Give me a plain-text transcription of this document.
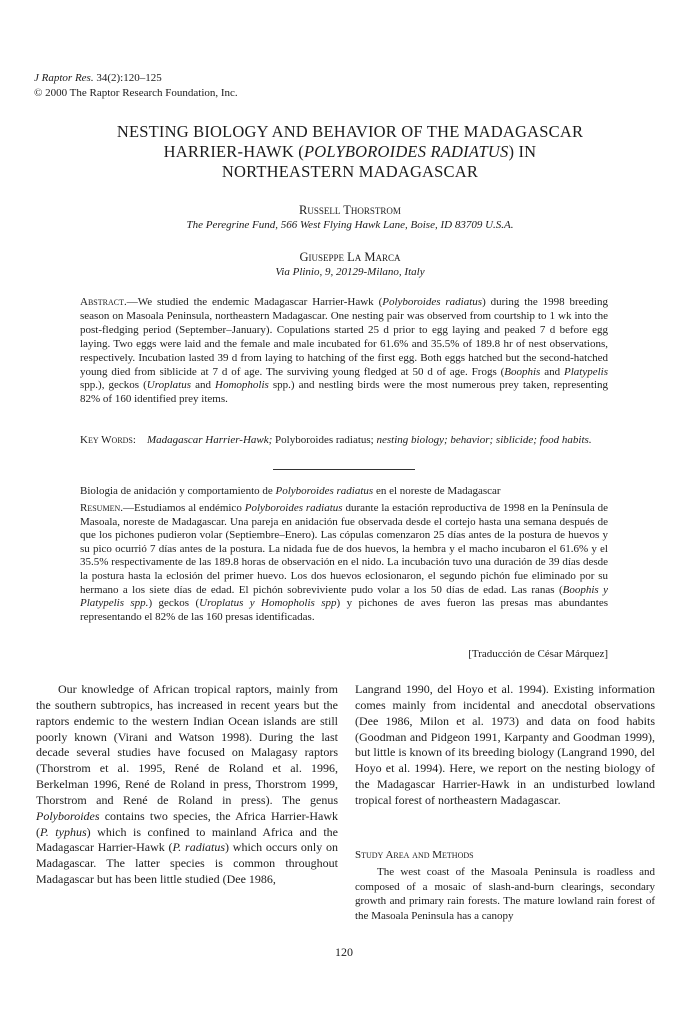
J Raptor Res. 34(2):120–125
© 2000 The Raptor Research Foundation, Inc.
NESTING BIOLOGY AND BEHAVIOR OF THE MADAGASCAR
HARRIER-HAWK (POLYBOROIDES RADIATUS) IN
NORTHEASTERN MADAGASCAR
Russell Thorstrom
The Peregrine Fund, 566 West Flying Hawk Lane, Boise, ID 83709 U.S.A.
Giuseppe La Marca
Via Plinio, 9, 20129-Milano, Italy
Abstract.—We studied the endemic Madagascar Harrier-Hawk (Polyboroides radiatus) during the 1998 breeding season on Masoala Peninsula, northeastern Madagascar. One nesting pair was observed from courtship to 1 wk into the post-fledging period (September–January). Copulations started 25 d prior to egg laying and peaked 7 d before egg laying. Two eggs were laid and the female and male incubated for 61.6% and 35.5% of 189.8 hr of nest observations, respectively. Incubation lasted 39 d from laying to hatching of the first egg. Both eggs hatched but the second-hatched young died from siblicide at 7 d of age. The surviving young fledged at 50 d of age. Frogs (Boophis and Platypelis spp.), geckos (Uroplatus and Homopholis spp.) and nestling birds were the most numerous prey taken, representing 82% of 160 identified prey items.
Key Words: Madagascar Harrier-Hawk; Polyboroides radiatus; nesting biology; behavior; siblicide; food habits.
Biologia de anidación y comportamiento de Polyboroides radiatus en el noreste de Madagascar
Resumen.—Estudiamos al endémico Polyboroides radiatus durante la estación reproductiva de 1998 en la Península de Masoala, noreste de Madagascar. Una pareja en anidación fue observada desde el cortejo hasta una semana después de que los pichones pudieron volar (Septiembre–Enero). Las cópulas comenzaron 25 días antes de la postura de huevos y su pico ocurrió 7 días antes de la postura. La nidada fue de dos huevos, la hembra y el macho incubaron el 61.6% y el 35.5% respectivamente de las 189.8 horas de observación en el nido. La incubación tuvo una duración de 39 días desde la postura hasta la eclosión del primer huevo. Los dos huevos eclosionaron, el segundo pichón fue eliminado por su hermano a los siete días de edad. El pichón sobreviviente pudo volar a los 50 días de edad. Las ranas (Boophis y Platypelis spp.) geckos (Uroplatus y Homopholis spp) y pichones de aves fueron las presas mas abundantes representando el 82% de las 160 presas identificadas.
[Traducción de César Márquez]

Our knowledge of African tropical raptors, mainly from the southern subtropics, has increased in recent years but the raptors endemic to the western Indian Ocean islands are still poorly known (Virani and Watson 1998). During the last decade several studies have focused on Malagasy raptors (Thorstrom et al. 1995, René de Roland et al. 1996, Berkelman 1996, René de Roland in press, Thorstrom 1999, Thorstrom and René de Roland in press). The genus Polyboroides contains two species, the Africa Harrier-Hawk (P. typhus) which is confined to mainland Africa and the Madagascar Harrier-Hawk (P. radiatus) which occurs only on Madagascar. The latter species is common throughout Madagascar but has been little studied (Dee 1986,

Langrand 1990, del Hoyo et al. 1994). Existing information comes mainly from incidental and anecdotal observations (Dee 1986, Milon et al. 1973) and data on food habits (Goodman and Pidgeon 1991, Karpanty and Goodman 1999), but little is known of its breeding biology (Langrand 1990, del Hoyo et al. 1994). Here, we report on the nesting biology of the Madagascar Harrier-Hawk in an undisturbed lowland tropical forest of northeastern Madagascar.

Study Area and Methods

The west coast of the Masoala Peninsula is roadless and composed of a mosaic of slash-and-burn clearings, secondary growth and primary rain forests. The mature lowland rain forest of the Masoala Peninsula has a canopy

120
